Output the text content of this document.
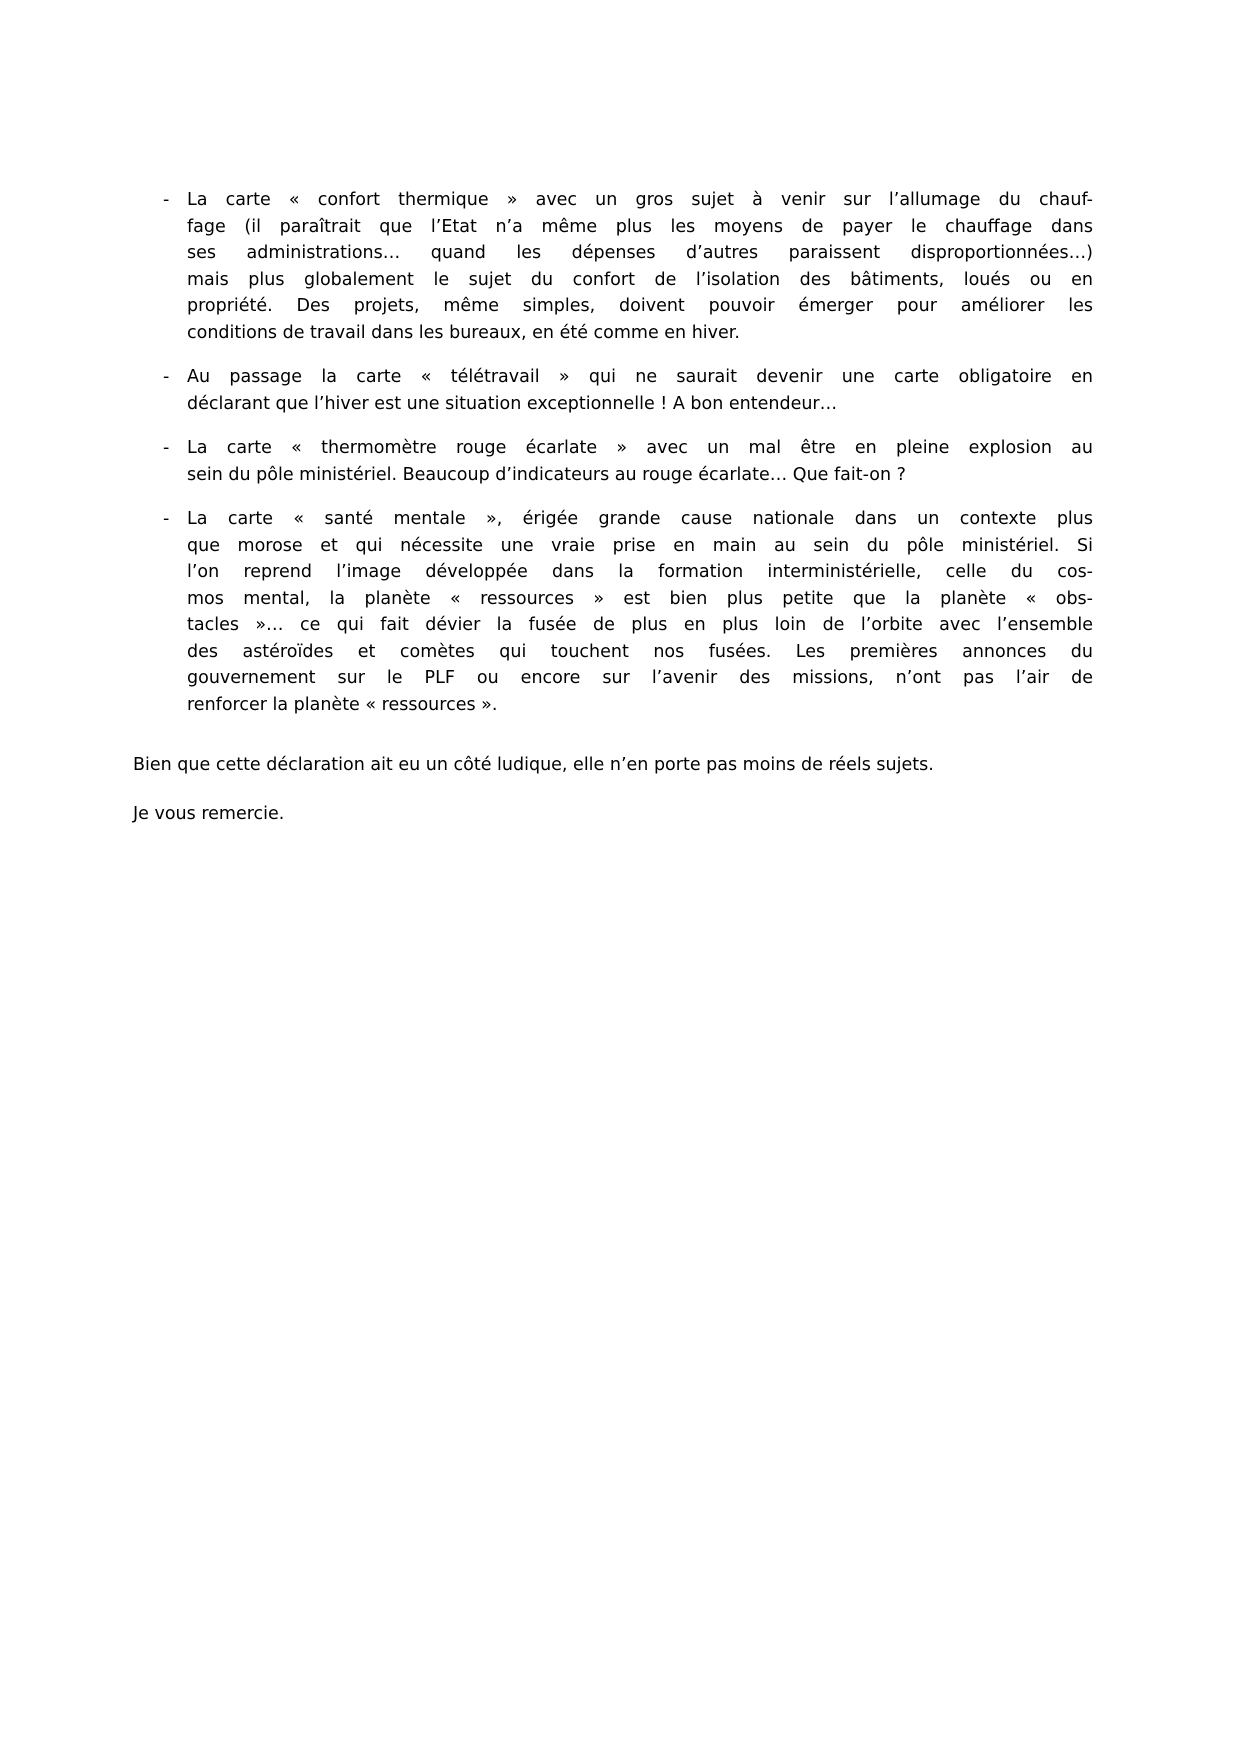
-	La carte « confort thermique » avec un gros sujet à venir sur l’allumage du chauf-
fage (il paraîtrait que l’Etat n’a même plus les moyens de payer le chauffage dans
ses administrations… quand les dépenses d’autres paraissent disproportionnées…)
mais plus globalement le sujet du confort de l’isolation des bâtiments, loués ou en
propriété. Des projets, même simples, doivent pouvoir émerger pour améliorer les
conditions de travail dans les bureaux, en été comme en hiver.
-	Au passage la carte « télétravail » qui ne saurait devenir une carte obligatoire en
déclarant que l’hiver est une situation exceptionnelle ! A bon entendeur…
-	La carte « thermomètre rouge écarlate » avec un mal être en pleine explosion au
sein du pôle ministériel. Beaucoup d’indicateurs au rouge écarlate… Que fait-on ?
-	La carte « santé mentale », érigée grande cause nationale dans un contexte plus
que morose et qui nécessite une vraie prise en main au sein du pôle ministériel. Si
l’on reprend l’image développée dans la formation interministérielle, celle du cos-
mos mental, la planète « ressources » est bien plus petite que la planète « obs-
tacles »… ce qui fait dévier la fusée de plus en plus loin de l’orbite avec l’ensemble
des astéroïdes et comètes qui touchent nos fusées. Les premières annonces du
gouvernement sur le PLF ou encore sur l’avenir des missions, n’ont pas l’air de
renforcer la planète « ressources ».

Bien que cette déclaration ait eu un côté ludique, elle n’en porte pas moins de réels sujets.

Je vous remercie.
